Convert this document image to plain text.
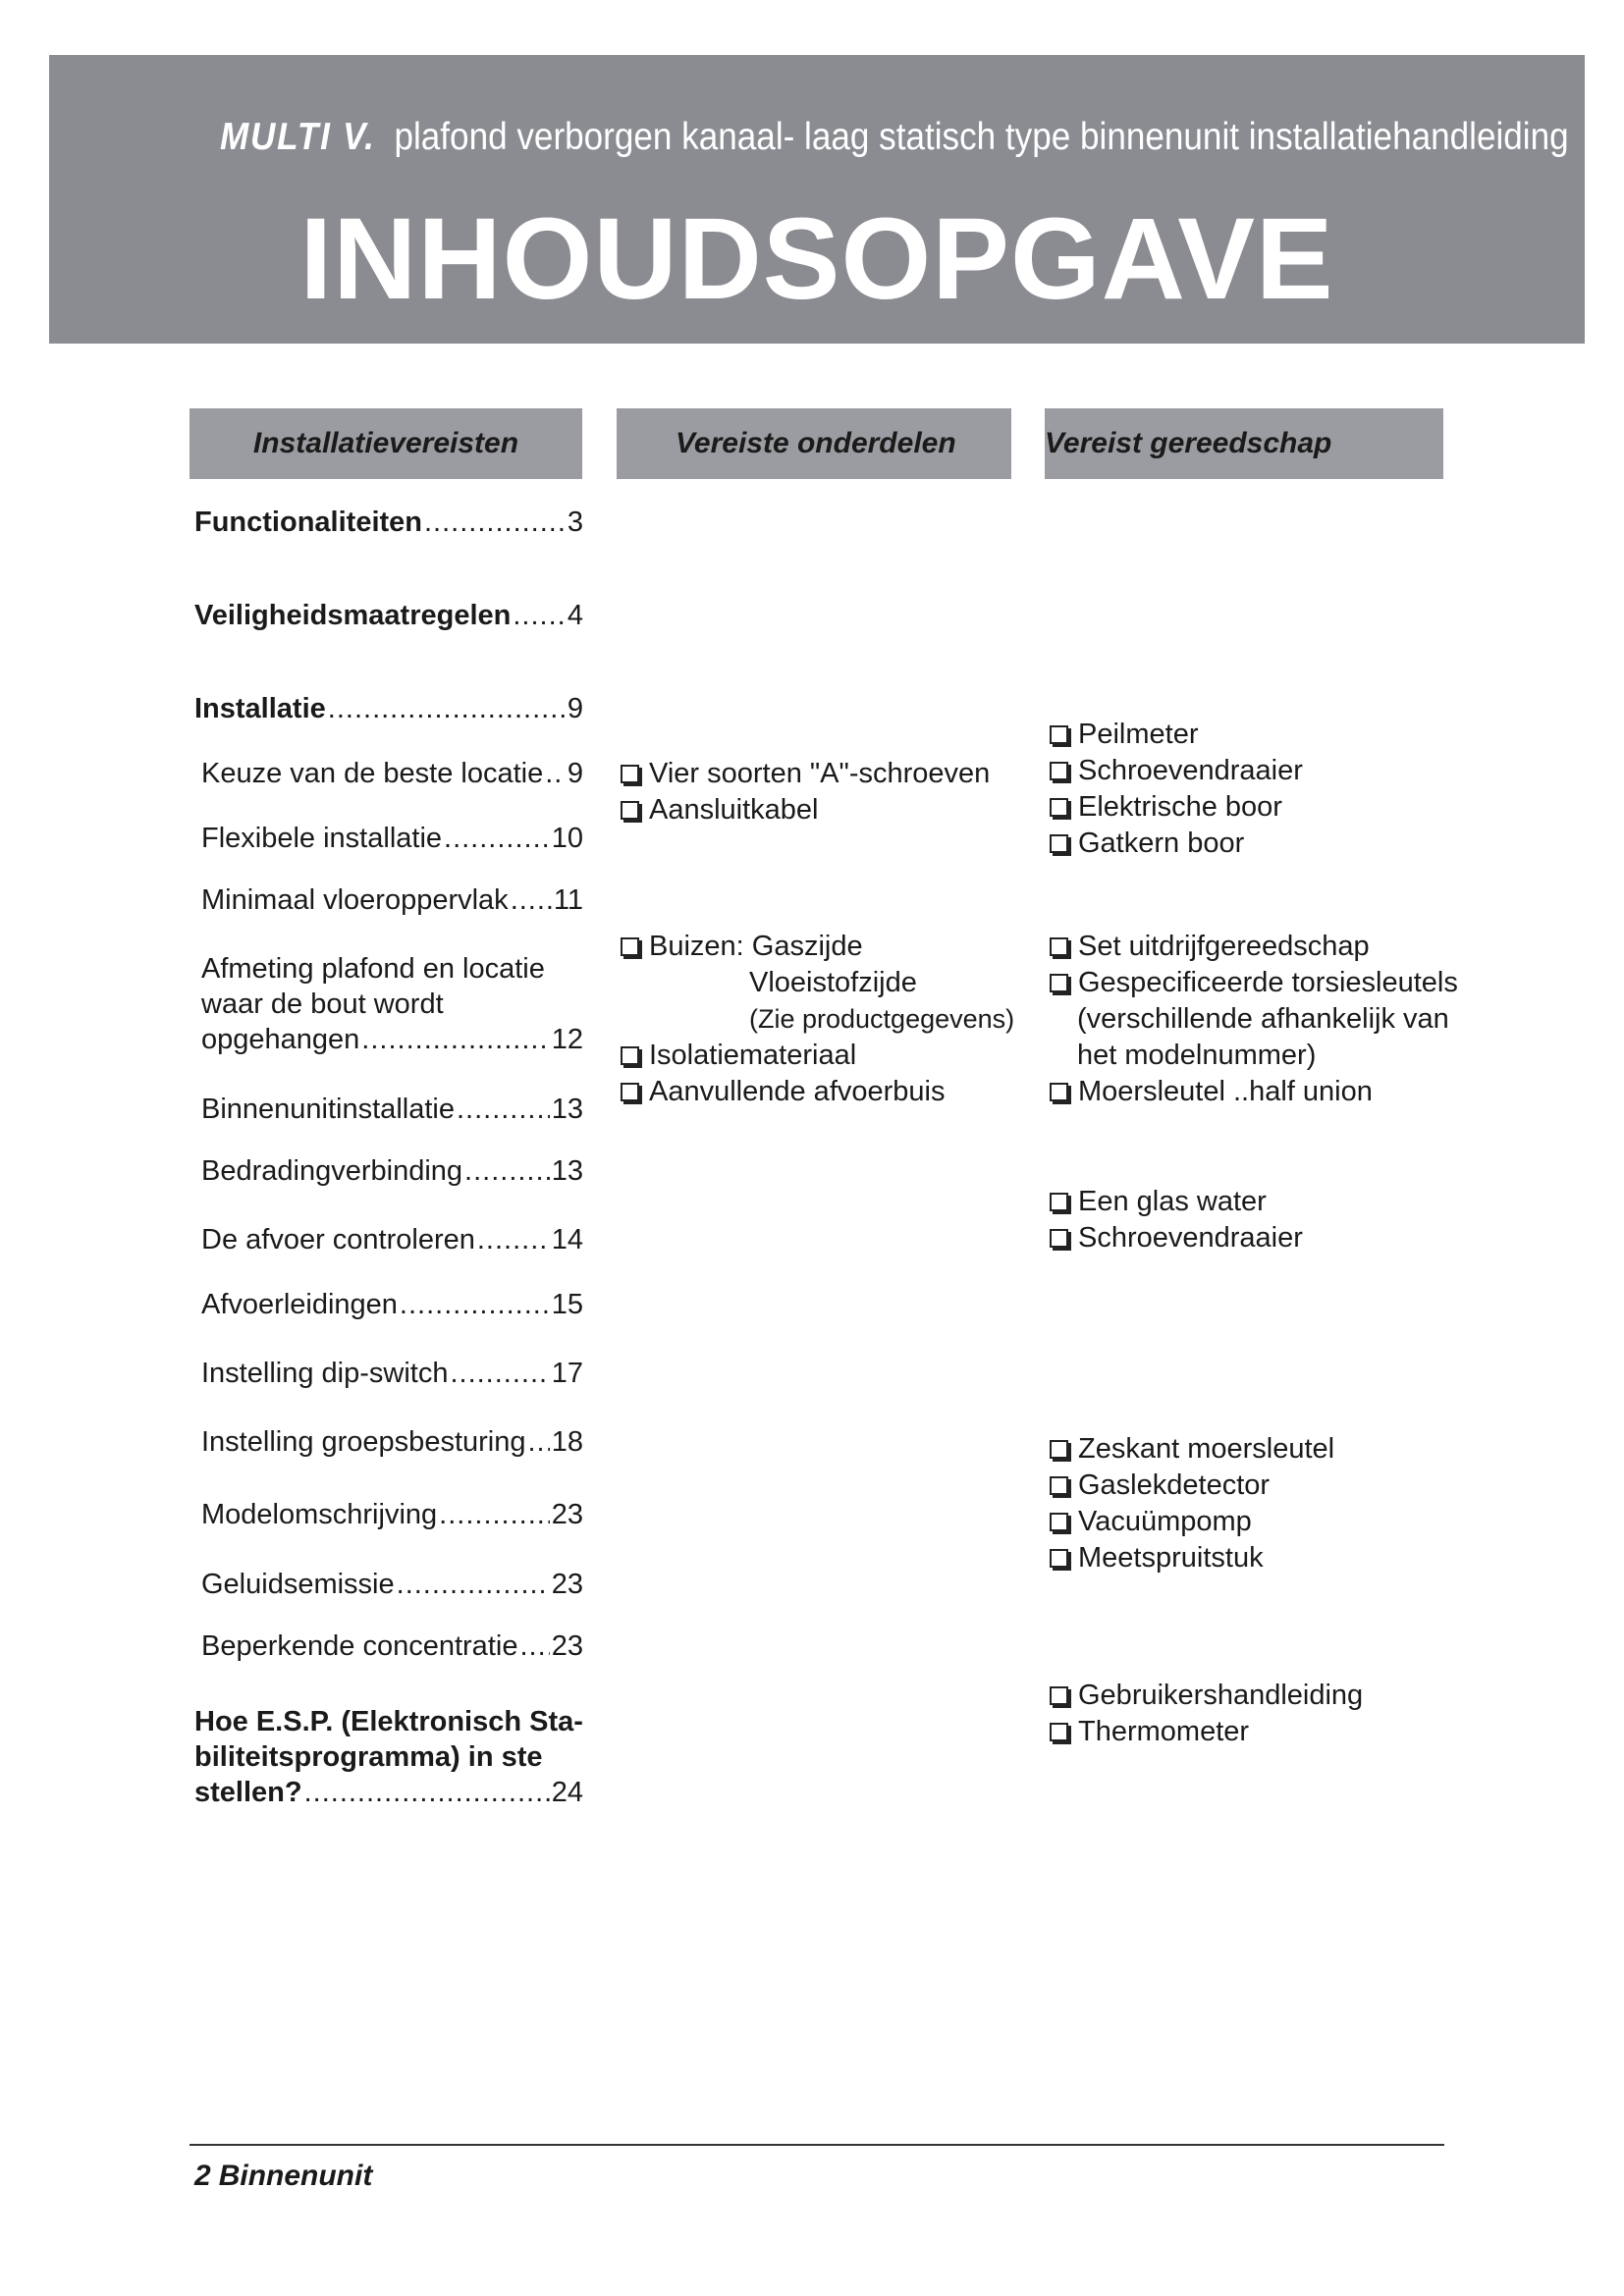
MULTI V. plafond verborgen kanaal- laag statisch type binnenunit installatiehandleiding
INHOUDSOPGAVE
Installatievereisten	Vereiste onderdelen	Vereist gereedschap
Functionaliteiten .....	3
Veiligheidsmaatregelen ..... 4
Installatie .....	9
Keuze van de beste locatie ..... 9
Flexibele installatie .....	10
Minimaal vloeroppervlak ..... 11
Afmeting plafond en locatie
waar de bout wordt
opgehangen .....	12
Binnenunitinstallatie .....	13
Bedradingverbinding .....	13
De afvoer controleren .....	14
Afvoerleidingen .....	15
Instelling dip-switch .....	17
Instelling groepsbesturing ..... 18
Modelomschrijving .....	23
Geluidsemissie .....	23
Beperkende concentratie ..... 23
Hoe E.S.P. (Elektronisch Sta-
biliteitsprogramma) in ste
stellen? .....	24
Vier soorten "A"-schroeven
Aansluitkabel
Buizen: Gaszijde
Vloeistofzijde
(Zie productgegevens)
Isolatiemateriaal
Aanvullende afvoerbuis
Peilmeter
Schroevendraaier
Elektrische boor
Gatkern boor
Set uitdrijfgereedschap
Gespecificeerde torsiesleutels
(verschillende afhankelijk van
het modelnummer)
Moersleutel ..half union
Een glas water
Schroevendraaier
Zeskant moersleutel
Gaslekdetector
Vacuümpomp
Meetspruitstuk
Gebruikershandleiding
Thermometer
2 Binnenunit
